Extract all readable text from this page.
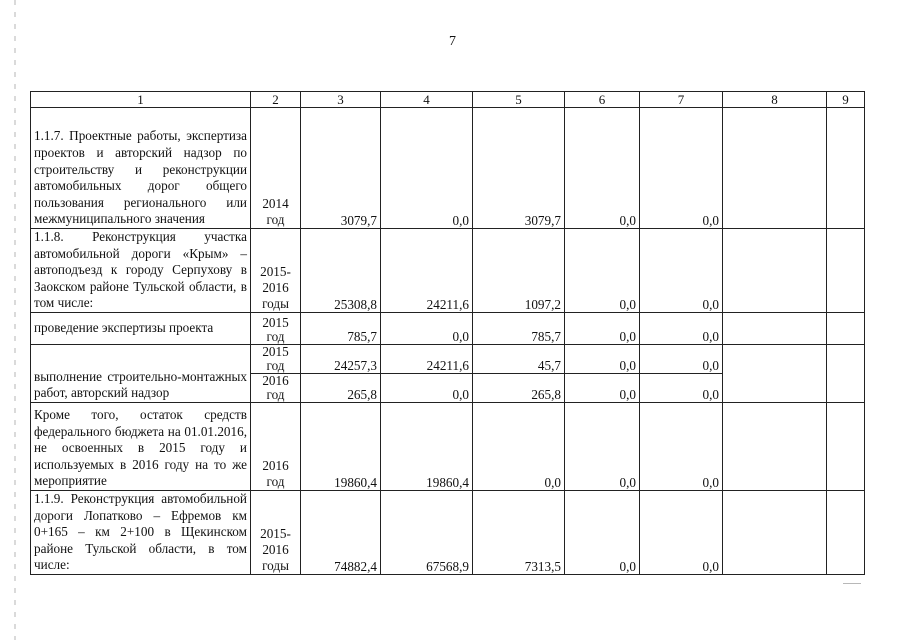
7
1	2	3	4	5	6	7	8	9
1.1.7. Проектные работы, экспертиза проектов и авторский надзор по строительству и реконструкции автомобильных дорог общего пользования регионального или межмуниципального значения	2014 год	3079,7	0,0	3079,7	0,0	0,0		
1.1.8. Реконструкция участка автомобильной дороги «Крым» – автоподъезд к городу Серпухову в Заокском районе Тульской области, в том числе:	2015-2016 годы	25308,8	24211,6	1097,2	0,0	0,0		
проведение экспертизы проекта	2015 год	785,7	0,0	785,7	0,0	0,0		
выполнение строительно-монтажных работ, авторский надзор	2015 год	24257,3	24211,6	45,7	0,0	0,0		
	2016 год	265,8	0,0	265,8	0,0	0,0		
Кроме того, остаток средств федерального бюджета на 01.01.2016, не освоенных в 2015 году и используемых в 2016 году на то же мероприятие	2016 год	19860,4	19860,4	0,0	0,0	0,0		
1.1.9. Реконструкция автомобильной дороги Лопатково – Ефремов км 0+165 – км 2+100 в Щекинском районе Тульской области, в том числе:	2015-2016 годы	74882,4	67568,9	7313,5	0,0	0,0		
